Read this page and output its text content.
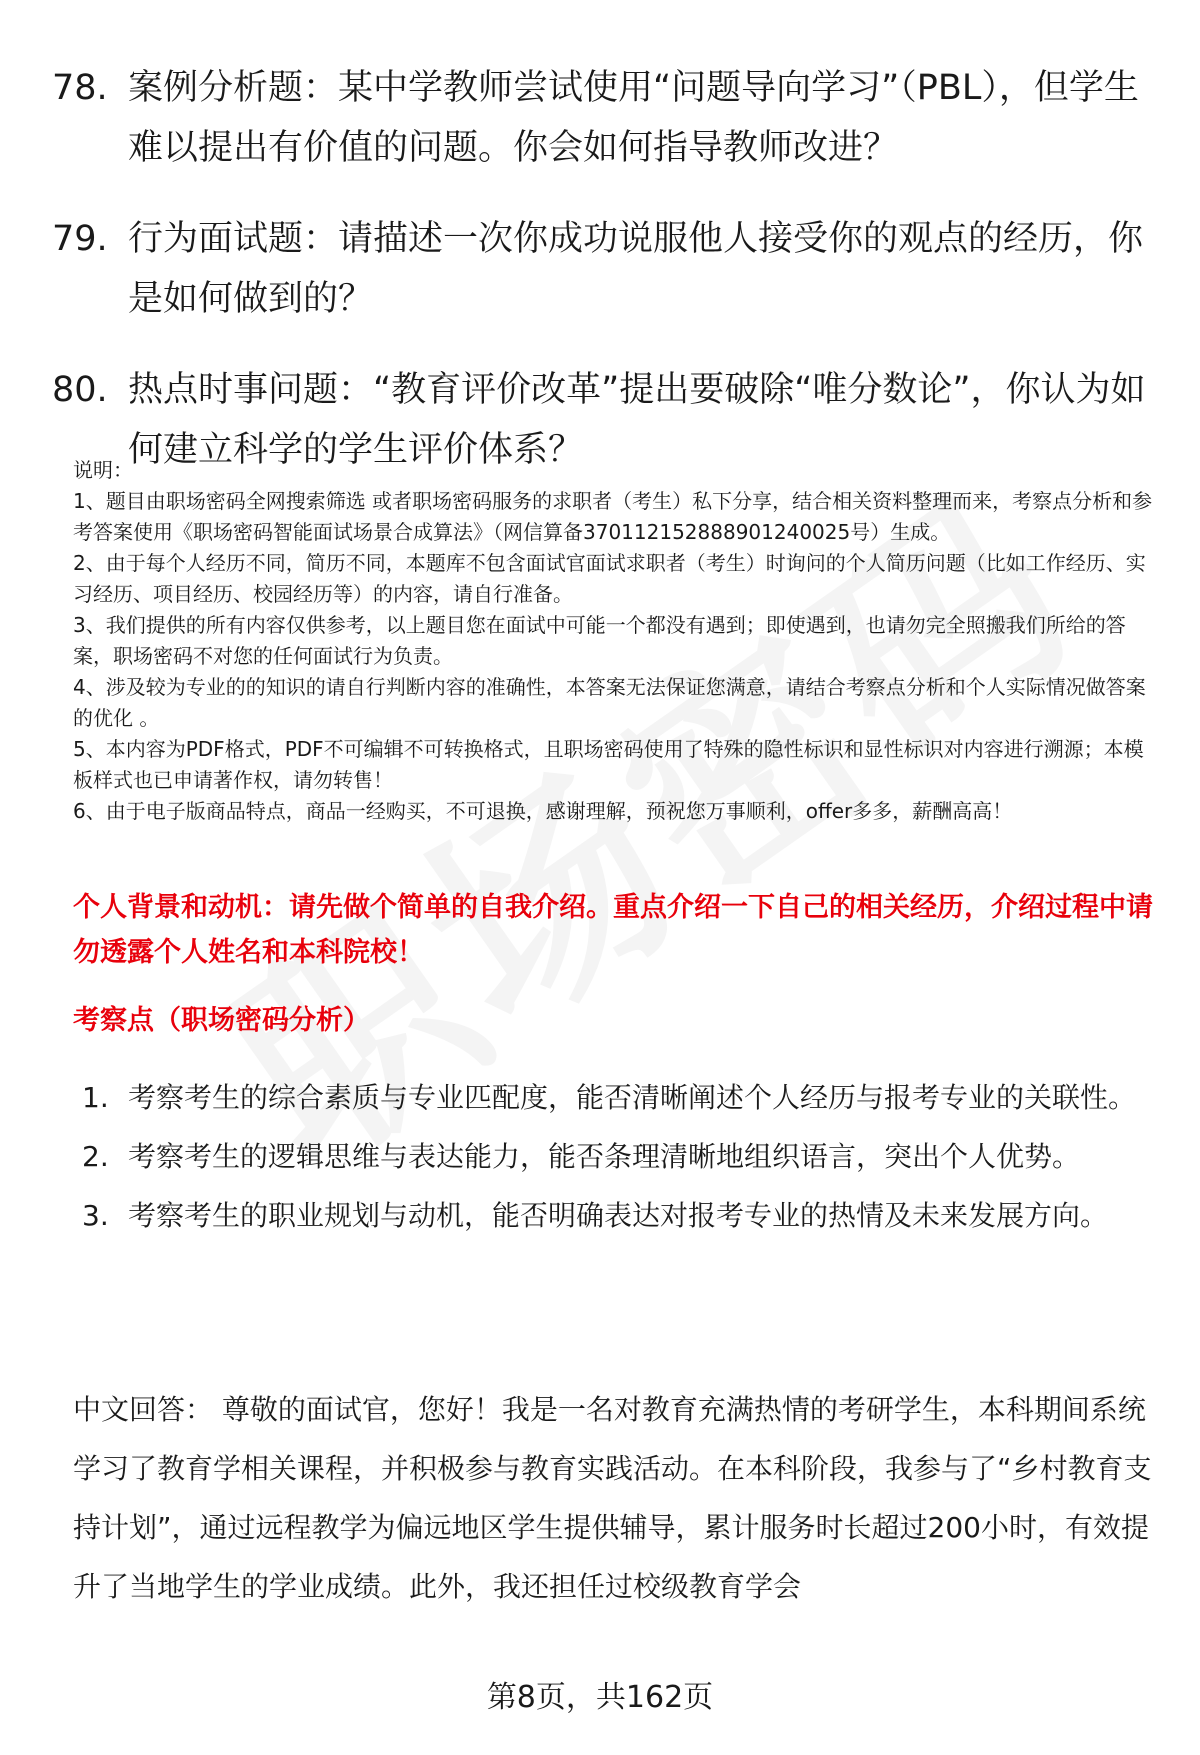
78. 案例分析题：某中学教师尝试使用“问题导向学习”（PBL），但学生难以提出有价值的问题。你会如何指导教师改进？
79. 行为面试题：请描述一次你成功说服他人接受你的观点的经历，你是如何做到的？
80. 热点时事问题：“教育评价改革”提出要破除“唯分数论”，你认为如何建立科学的学生评价体系？

说明：

1、题目由职场密码全网搜索筛选 或者职场密码服务的求职者（考生）私下分享，结合相关资料整理而来，考察点分析和参考答案使用《职场密码智能面试场景合成算法》（网信算备370112152888901240025号）生成。

2、由于每个人经历不同，简历不同，本题库不包含面试官面试求职者（考生）时询问的个人简历问题（比如工作经历、实习经历、项目经历、校园经历等）的内容，请自行准备。

3、我们提供的所有内容仅供参考，以上题目您在面试中可能一个都没有遇到；即使遇到，也请勿完全照搬我们所给的答案，职场密码不对您的任何面试行为负责。

4、涉及较为专业的的知识的请自行判断内容的准确性，本答案无法保证您满意，请结合考察点分析和个人实际情况做答案的优化 。

5、本内容为PDF格式，PDF不可编辑不可转换格式，且职场密码使用了特殊的隐性标识和显性标识对内容进行溯源；本模板样式也已申请著作权，请勿转售！

6、由于电子版商品特点，商品一经购买，不可退换，感谢理解，预祝您万事顺利，offer多多，薪酬高高！

个人背景和动机：请先做个简单的自我介绍。重点介绍一下自己的相关经历，介绍过程中请勿透露个人姓名和本科院校！
考察点（职场密码分析）
1. 考察考生的综合素质与专业匹配度，能否清晰阐述个人经历与报考专业的关联性。
2. 考察考生的逻辑思维与表达能力，能否条理清晰地组织语言，突出个人优势。
3. 考察考生的职业规划与动机，能否明确表达对报考专业的热情及未来发展方向。
中文回答： 尊敬的面试官，您好！我是一名对教育充满热情的考研学生，本科期间系统学习了教育学相关课程，并积极参与教育实践活动。在本科阶段，我参与了“乡村教育支持计划”，通过远程教学为偏远地区学生提供辅导，累计服务时长超过200小时，有效提升了当地学生的学业成绩。此外，我还担任过校级教育学会
第8页，共162页
